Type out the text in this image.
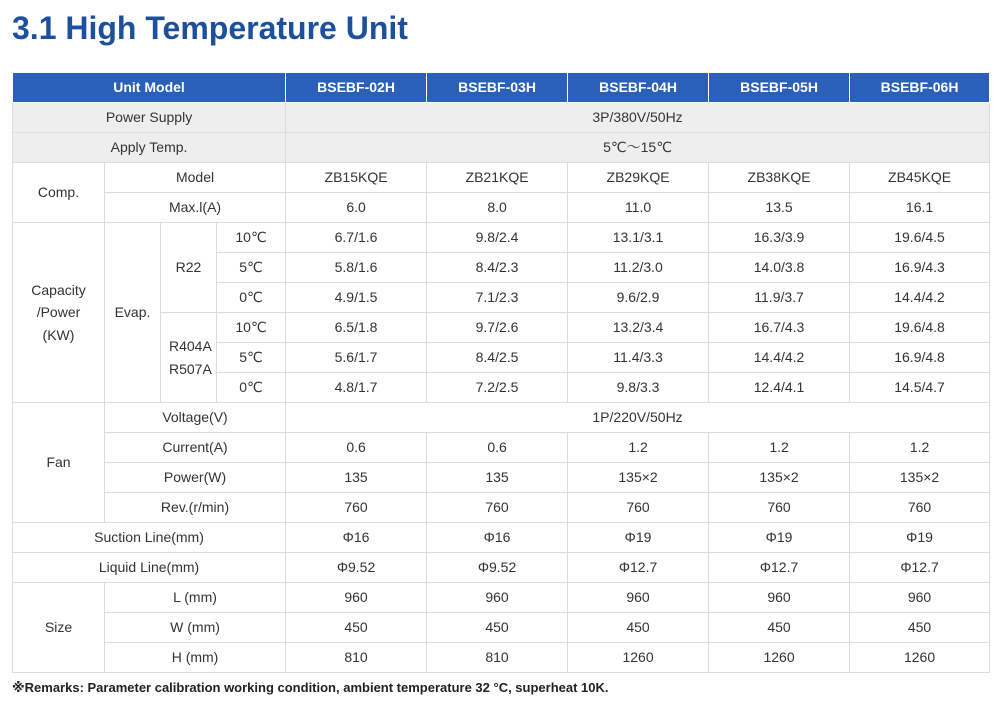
3.1 High Temperature Unit
Unit Model				BSEBF-02H	BSEBF-03H	BSEBF-04H	BSEBF-05H	BSEBF-06H
Power Supply				3P/380V/50Hz				
Apply Temp.				5℃～15℃				
Comp.	Model			ZB15KQE	ZB21KQE	ZB29KQE	ZB38KQE	ZB45KQE
	Max.l(A)			6.0	8.0	11.0	13.5	16.1
Capacity /Power (KW)	Evap.	R22	10℃	6.7/1.6	9.8/2.4	13.1/3.1	16.3/3.9	19.6/4.5
			5℃	5.8/1.6	8.4/2.3	11.2/3.0	14.0/3.8	16.9/4.3
			0℃	4.9/1.5	7.1/2.3	9.6/2.9	11.9/3.7	14.4/4.2
		R404A R507A	10℃	6.5/1.8	9.7/2.6	13.2/3.4	16.7/4.3	19.6/4.8
			5℃	5.6/1.7	8.4/2.5	11.4/3.3	14.4/4.2	16.9/4.8
			0℃	4.8/1.7	7.2/2.5	9.8/3.3	12.4/4.1	14.5/4.7
Fan	Voltage(V)			1P/220V/50Hz				
	Current(A)			0.6	0.6	1.2	1.2	1.2
	Power(W)			135	135	135×2	135×2	135×2
	Rev.(r/min)			760	760	760	760	760
Suction Line(mm)				Φ16	Φ16	Φ19	Φ19	Φ19
Liquid Line(mm)				Φ9.52	Φ9.52	Φ12.7	Φ12.7	Φ12.7
Size	L (mm)			960	960	960	960	960
	W (mm)			450	450	450	450	450
	H (mm)			810	810	1260	1260	1260

※Remarks: Parameter calibration working condition, ambient temperature 32 °C, superheat 10K.
